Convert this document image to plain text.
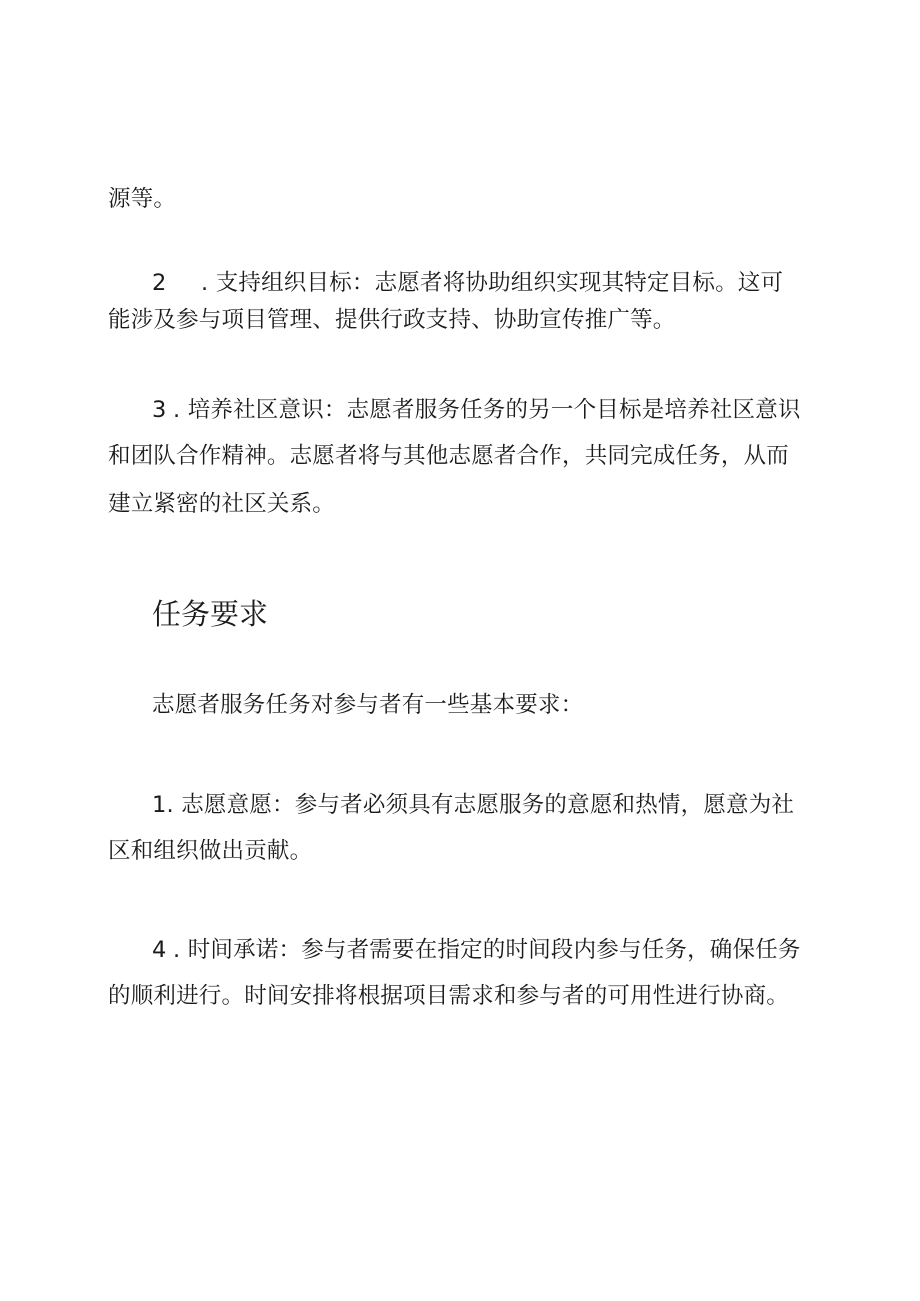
源等。
2 . 支持组织目标：志愿者将协助组织实现其特定目标。这可
能涉及参与项目管理、提供行政支持、协助宣传推广等。
3 . 培养社区意识：志愿者服务任务的另一个目标是培养社区意识
和团队合作精神。志愿者将与其他志愿者合作，共同完成任务，从而
建立紧密的社区关系。
任务要求
志愿者服务任务对参与者有一些基本要求：
1. 志愿意愿：参与者必须具有志愿服务的意愿和热情，愿意为社
区和组织做出贡献。
4 . 时间承诺：参与者需要在指定的时间段内参与任务，确保任务
的顺利进行。时间安排将根据项目需求和参与者的可用性进行协商。
